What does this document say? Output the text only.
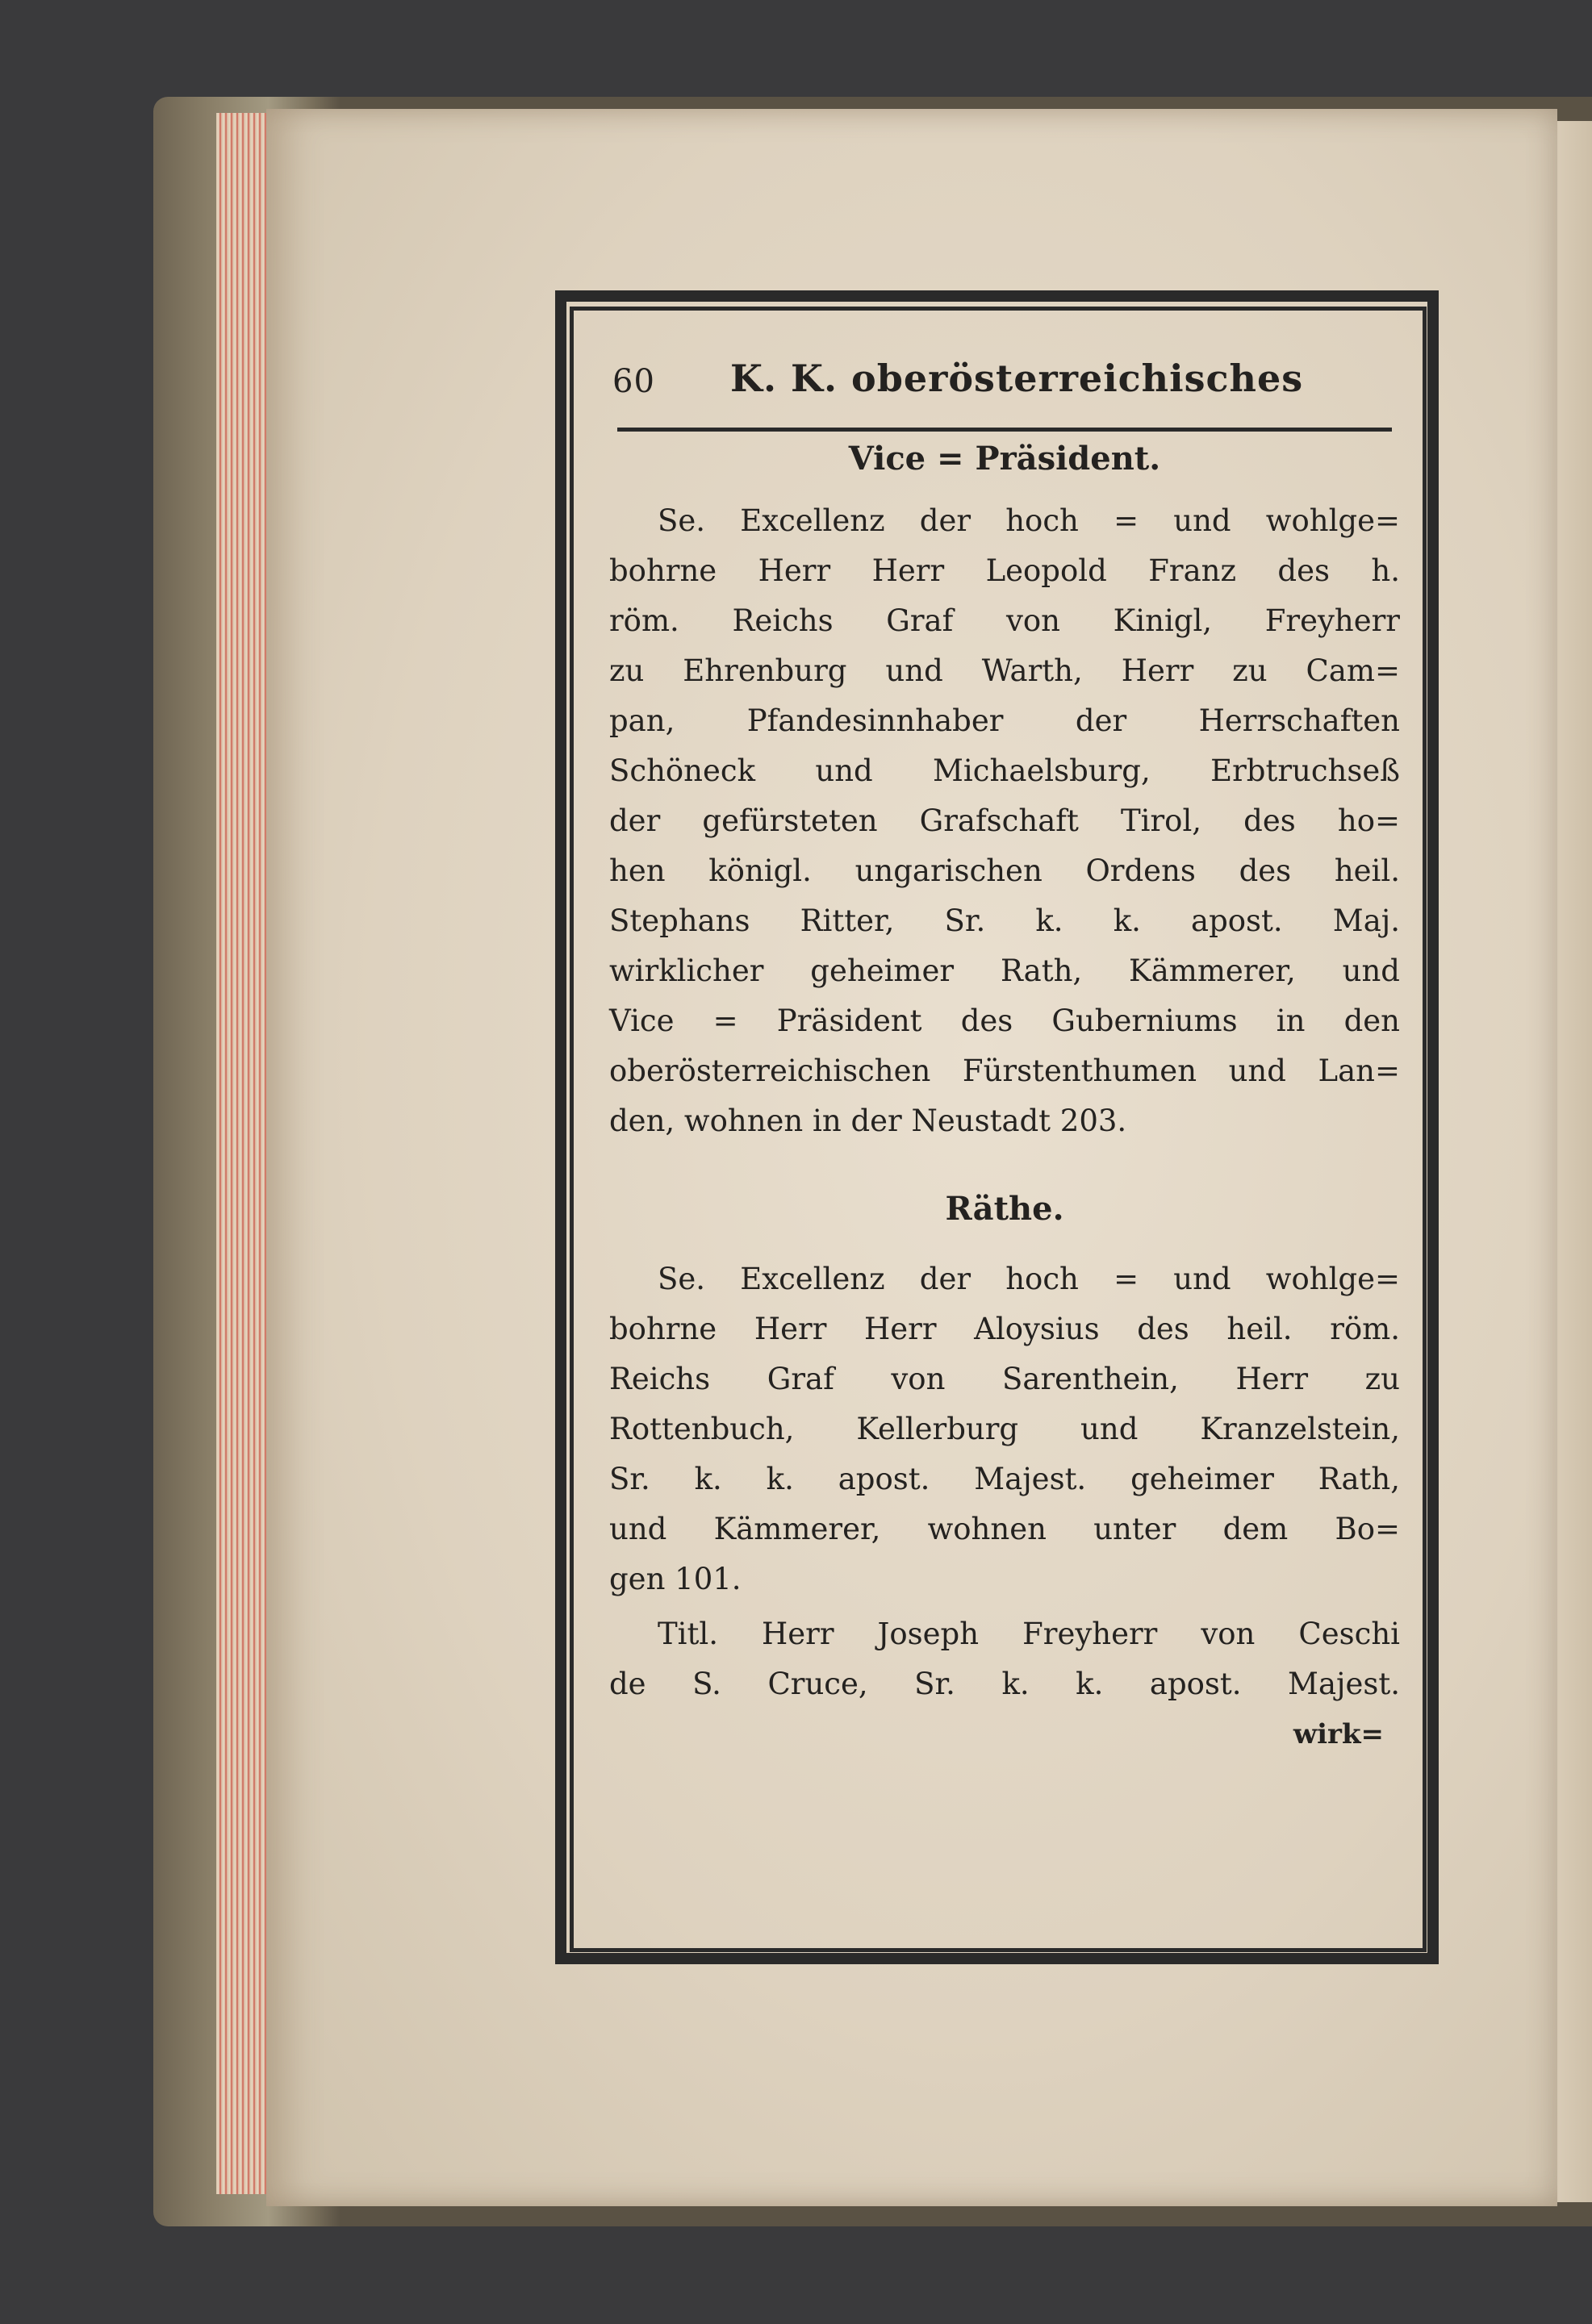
60 K. K. oberösterreichisches
Vice = Präsident.
Se. Excellenz der hoch = und wohlge=
bohrne Herr Herr Leopold Franz des h.
röm. Reichs Graf von Kinigl, Freyherr
zu Ehrenburg und Warth, Herr zu Cam=
pan, Pfandesinnhaber der Herrschaften
Schöneck und Michaelsburg, Erbtruchseß
der gefürsteten Grafschaft Tirol, des ho=
hen königl. ungarischen Ordens des heil.
Stephans Ritter, Sr. k. k. apost. Maj.
wirklicher geheimer Rath, Kämmerer, und
Vice = Präsident des Guberniums in den
oberösterreichischen Fürstenthumen und Lan=
den, wohnen in der Neustadt 203.
Räthe.
Se. Excellenz der hoch = und wohlge=
bohrne Herr Herr Aloysius des heil. röm.
Reichs Graf von Sarenthein, Herr zu
Rottenbuch, Kellerburg und Kranzelstein,
Sr. k. k. apost. Majest. geheimer Rath,
und Kämmerer, wohnen unter dem Bo=
gen 101.
Titl. Herr Joseph Freyherr von Ceschi
de S. Cruce, Sr. k. k. apost. Majest.
wirk=
